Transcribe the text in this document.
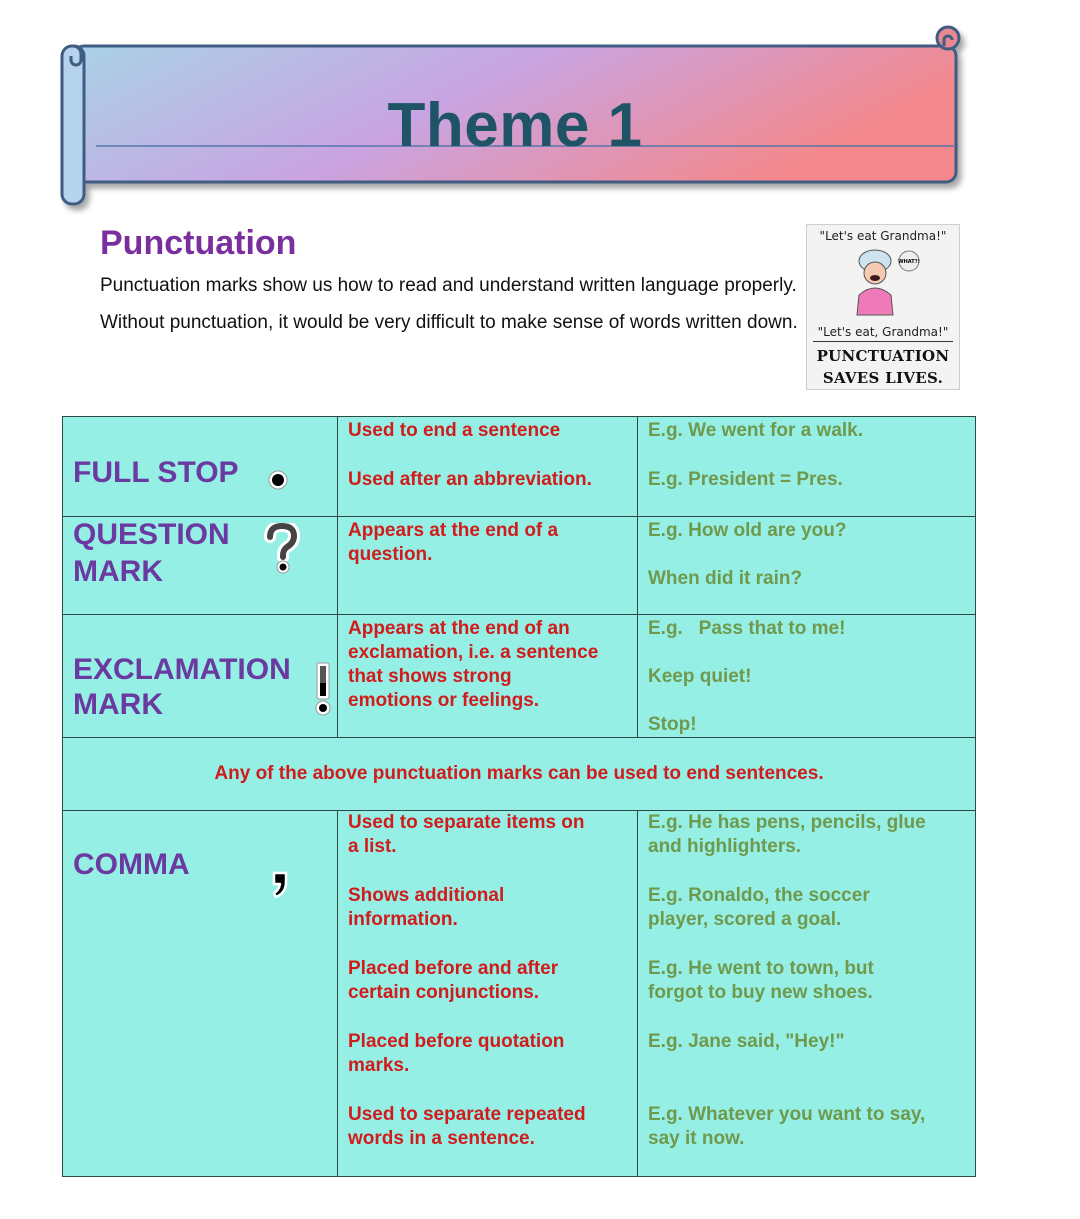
Theme 1
Punctuation
Punctuation marks show us how to read and understand written language properly. Without punctuation, it would be very difficult to make sense of words written down.
"Let's eat Grandma!"
WHAT?!
"Let's eat, Grandma!"
PUNCTUATION
SAVES LIVES.
FULL STOP
Used to end a sentence
Used after an abbreviation.
E.g. We went for a walk.
E.g. President = Pres.
QUESTION
MARK
Appears at the end of a
question.
E.g. How old are you?
When did it rain?
EXCLAMATION
MARK
Appears at the end of an
exclamation, i.e. a sentence
that shows strong
emotions or feelings.
E.g.   Pass that to me!
Keep quiet!
Stop!
Any of the above punctuation marks can be used to end sentences.
COMMA
Used to separate items on
a list.
Shows additional
information.
Placed before and after
certain conjunctions.
Placed before quotation
marks.
Used to separate repeated
words in a sentence.
E.g. He has pens, pencils, glue
and highlighters.
E.g. Ronaldo, the soccer
player, scored a goal.
E.g. He went to town, but
forgot to buy new shoes.
E.g. Jane said, "Hey!"
E.g. Whatever you want to say,
say it now.
